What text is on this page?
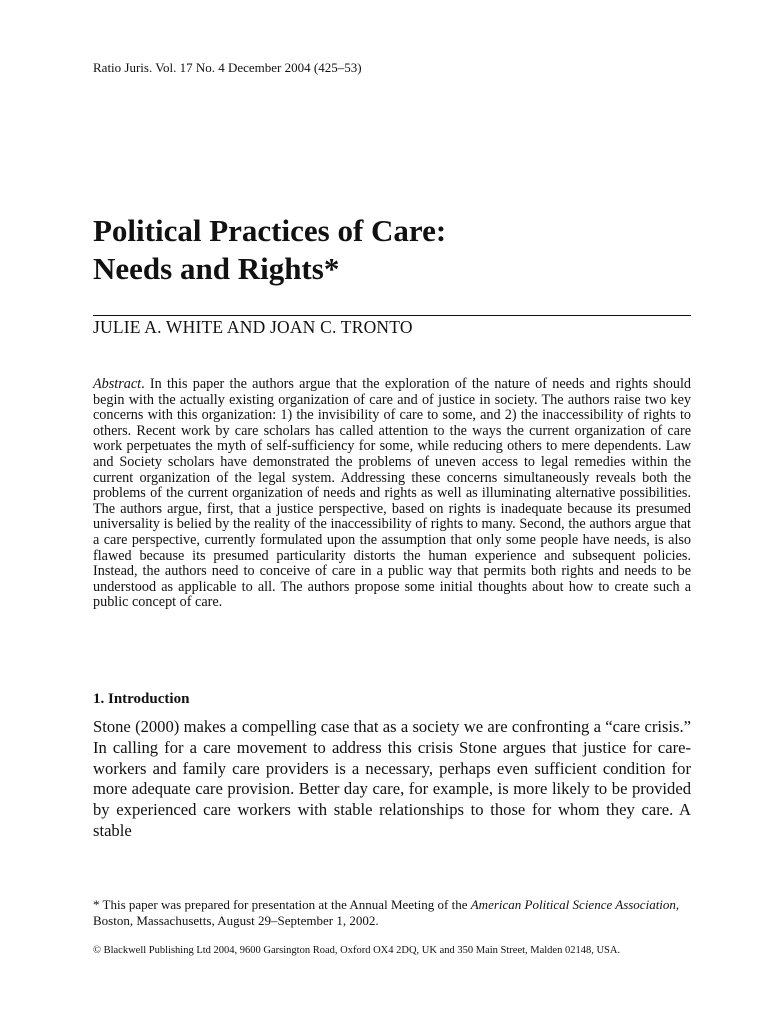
Ratio Juris. Vol. 17 No. 4 December 2004 (425–53)
Political Practices of Care:
Needs and Rights*
JULIE A. WHITE AND JOAN C. TRONTO

Abstract. In this paper the authors argue that the exploration of the nature of needs and rights should begin with the actually existing organization of care and of justice in society. The authors raise two key concerns with this organization: 1) the invisibility of care to some, and 2) the inaccessibility of rights to others. Recent work by care scholars has called attention to the ways the current organization of care work perpetuates the myth of self-sufficiency for some, while reducing others to mere dependents. Law and Society scholars have demonstrated the problems of uneven access to legal remedies within the current organization of the legal system. Addressing these concerns simultaneously reveals both the problems of the current organization of needs and rights as well as illuminating alternative possibilities. The authors argue, first, that a justice perspective, based on rights is inadequate because its presumed universality is belied by the reality of the inaccessibility of rights to many. Second, the authors argue that a care perspective, currently formulated upon the assumption that only some people have needs, is also flawed because its presumed particularity distorts the human experience and subsequent policies. Instead, the authors need to conceive of care in a public way that permits both rights and needs to be understood as applicable to all. The authors propose some initial thoughts about how to create such a public concept of care.

1. Introduction

Stone (2000) makes a compelling case that as a society we are confronting a “care crisis.” In calling for a care movement to address this crisis Stone argues that justice for care-workers and family care providers is a necessary, perhaps even sufficient condition for more adequate care provision. Better day care, for example, is more likely to be provided by experienced care workers with stable relationships to those for whom they care. A stable

* This paper was prepared for presentation at the Annual Meeting of the American Political Science Association, Boston, Massachusetts, August 29–September 1, 2002.

© Blackwell Publishing Ltd 2004, 9600 Garsington Road, Oxford OX4 2DQ, UK and 350 Main Street, Malden 02148, USA.
